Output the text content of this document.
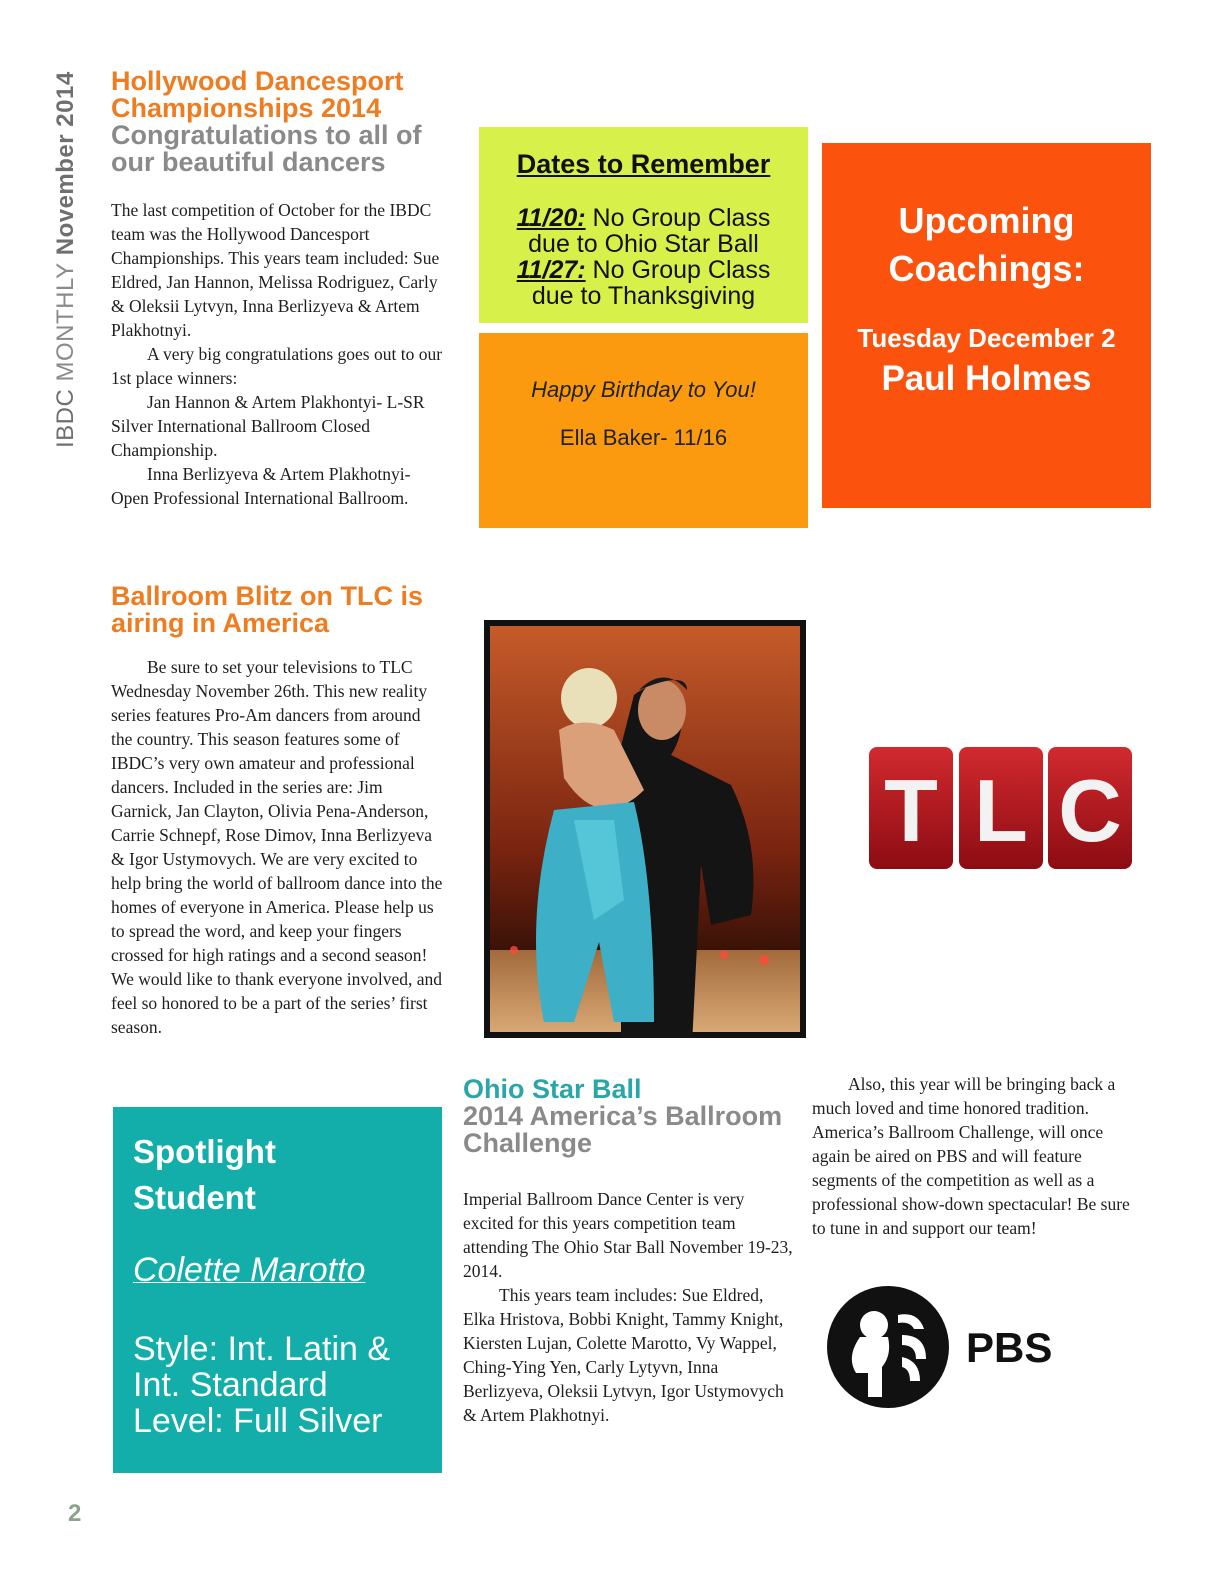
IBDC MONTHLY November 2014 Hollywood Dancesport
Championships 2014
Congratulations to all of
our beautiful dancers

The last competition of October for the IBDC team was the Hollywood Dancesport Championships. This years team included: Sue Eldred, Jan Hannon, Melissa Rodriguez, Carly & Oleksii Lytvyn, Inna Berlizyeva & Artem Plakhotnyi.

A very big congratulations goes out to our 1st place winners:

Jan Hannon & Artem Plakhontyi- L-SR Silver International Ballroom Closed Championship.

Inna Berlizyeva & Artem Plakhotnyi- Open Professional International Ballroom.

Ballroom Blitz on TLC is
airing in America

Be sure to set your televisions to TLC Wednesday November 26th. This new reality series features Pro-Am dancers from around the country. This season features some of IBDC’s very own amateur and professional dancers. Included in the series are: Jim Garnick, Jan Clayton, Olivia Pena-Anderson, Carrie Schnepf, Rose Dimov, Inna Berlizyeva & Igor Ustymovych. We are very excited to help bring the world of ballroom dance into the homes of everyone in America. Please help us to spread the word, and keep your fingers crossed for high ratings and a second season! We would like to thank everyone involved, and feel so honored to be a part of the series’ first season.

Dates to Remember
11/20: No Group Class
due to Ohio Star Ball
11/27: No Group Class
due to Thanksgiving
Happy Birthday to You!
Ella Baker- 11/16
Upcoming
Coachings:
Tuesday December 2
Paul Holmes
T L C
Spotlight
Student
Colette Marotto
Style: Int. Latin &
Int. Standard
Level: Full Silver
Ohio Star Ball
2014 America’s Ballroom
Challenge

Imperial Ballroom Dance Center is very excited for this years competition team attending The Ohio Star Ball November 19-23, 2014.

This years team includes: Sue Eldred, Elka Hristova, Bobbi Knight, Tammy Knight, Kiersten Lujan, Colette Marotto, Vy Wappel, Ching-Ying Yen, Carly Lytyvn, Inna Berlizyeva, Oleksii Lytvyn, Igor Ustymovych & Artem Plakhotnyi.

Also, this year will be bringing back a much loved and time honored tradition. America’s Ballroom Challenge, will once again be aired on PBS and will feature segments of the competition as well as a professional show-down spectacular! Be sure to tune in and support our team!

PBS
2
